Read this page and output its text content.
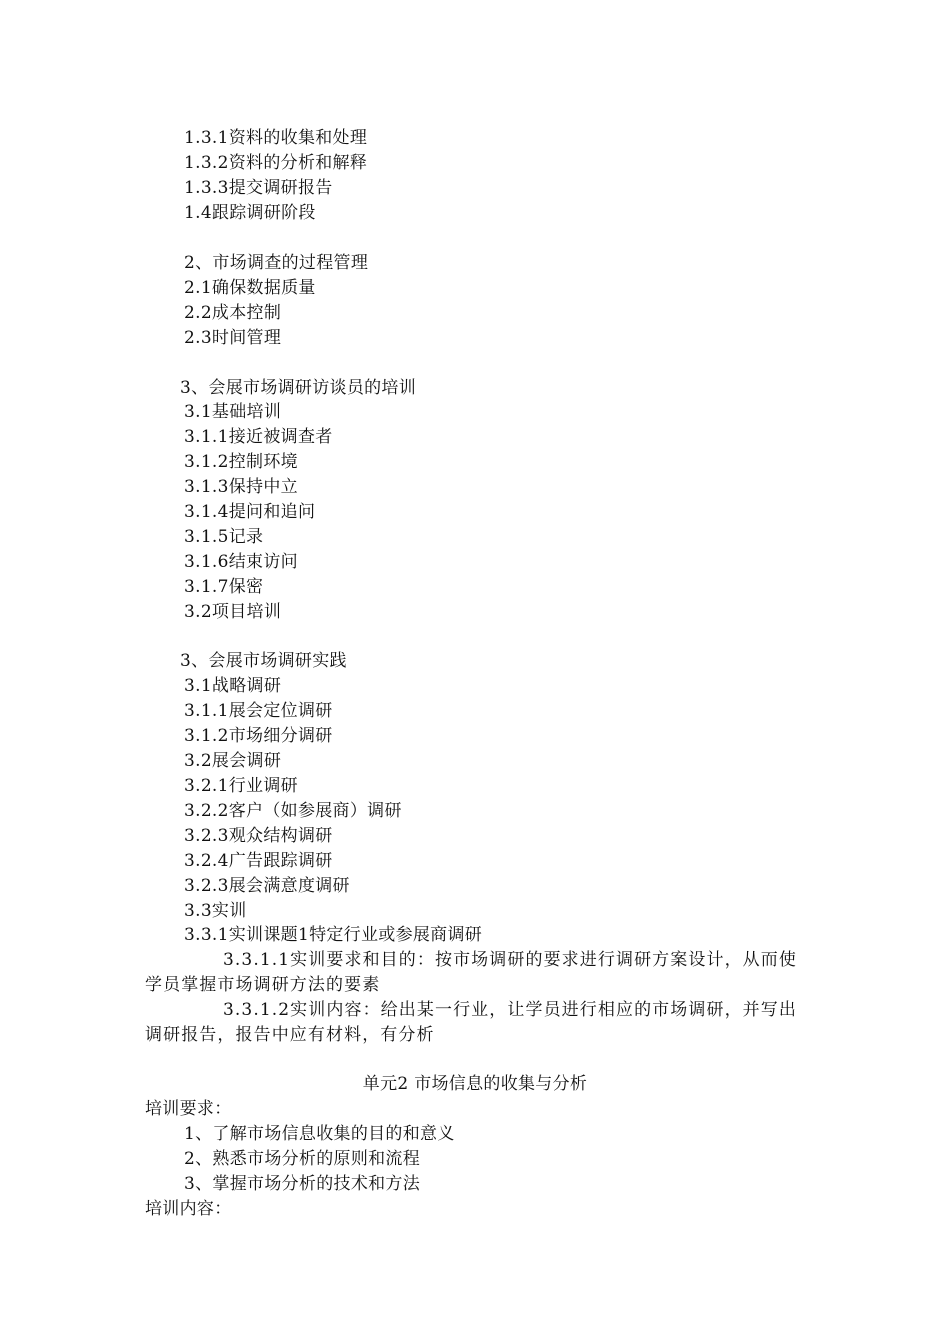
1.3.1资料的收集和处理
1.3.2资料的分析和解释
1.3.3提交调研报告
1.4跟踪调研阶段
2、市场调查的过程管理
2.1确保数据质量
2.2成本控制
2.3时间管理
3、会展市场调研访谈员的培训
3.1基础培训
3.1.1接近被调查者
3.1.2控制环境
3.1.3保持中立
3.1.4提问和追问
3.1.5记录
3.1.6结束访问
3.1.7保密
3.2项目培训
3、会展市场调研实践
3.1战略调研
3.1.1展会定位调研
3.1.2市场细分调研
3.2展会调研
3.2.1行业调研
3.2.2客户（如参展商）调研
3.2.3观众结构调研
3.2.4广告跟踪调研
3.2.3展会满意度调研
3.3实训
3.3.1实训课题1特定行业或参展商调研
3.3.1.1实训要求和目的：按市场调研的要求进行调研方案设计，从而使
学员掌握市场调研方法的要素
3.3.1.2实训内容：给出某一行业，让学员进行相应的市场调研，并写出
调研报告，报告中应有材料，有分析
单元2 市场信息的收集与分析
培训要求：
1、了解市场信息收集的目的和意义
2、熟悉市场分析的原则和流程
3、掌握市场分析的技术和方法
培训内容：
